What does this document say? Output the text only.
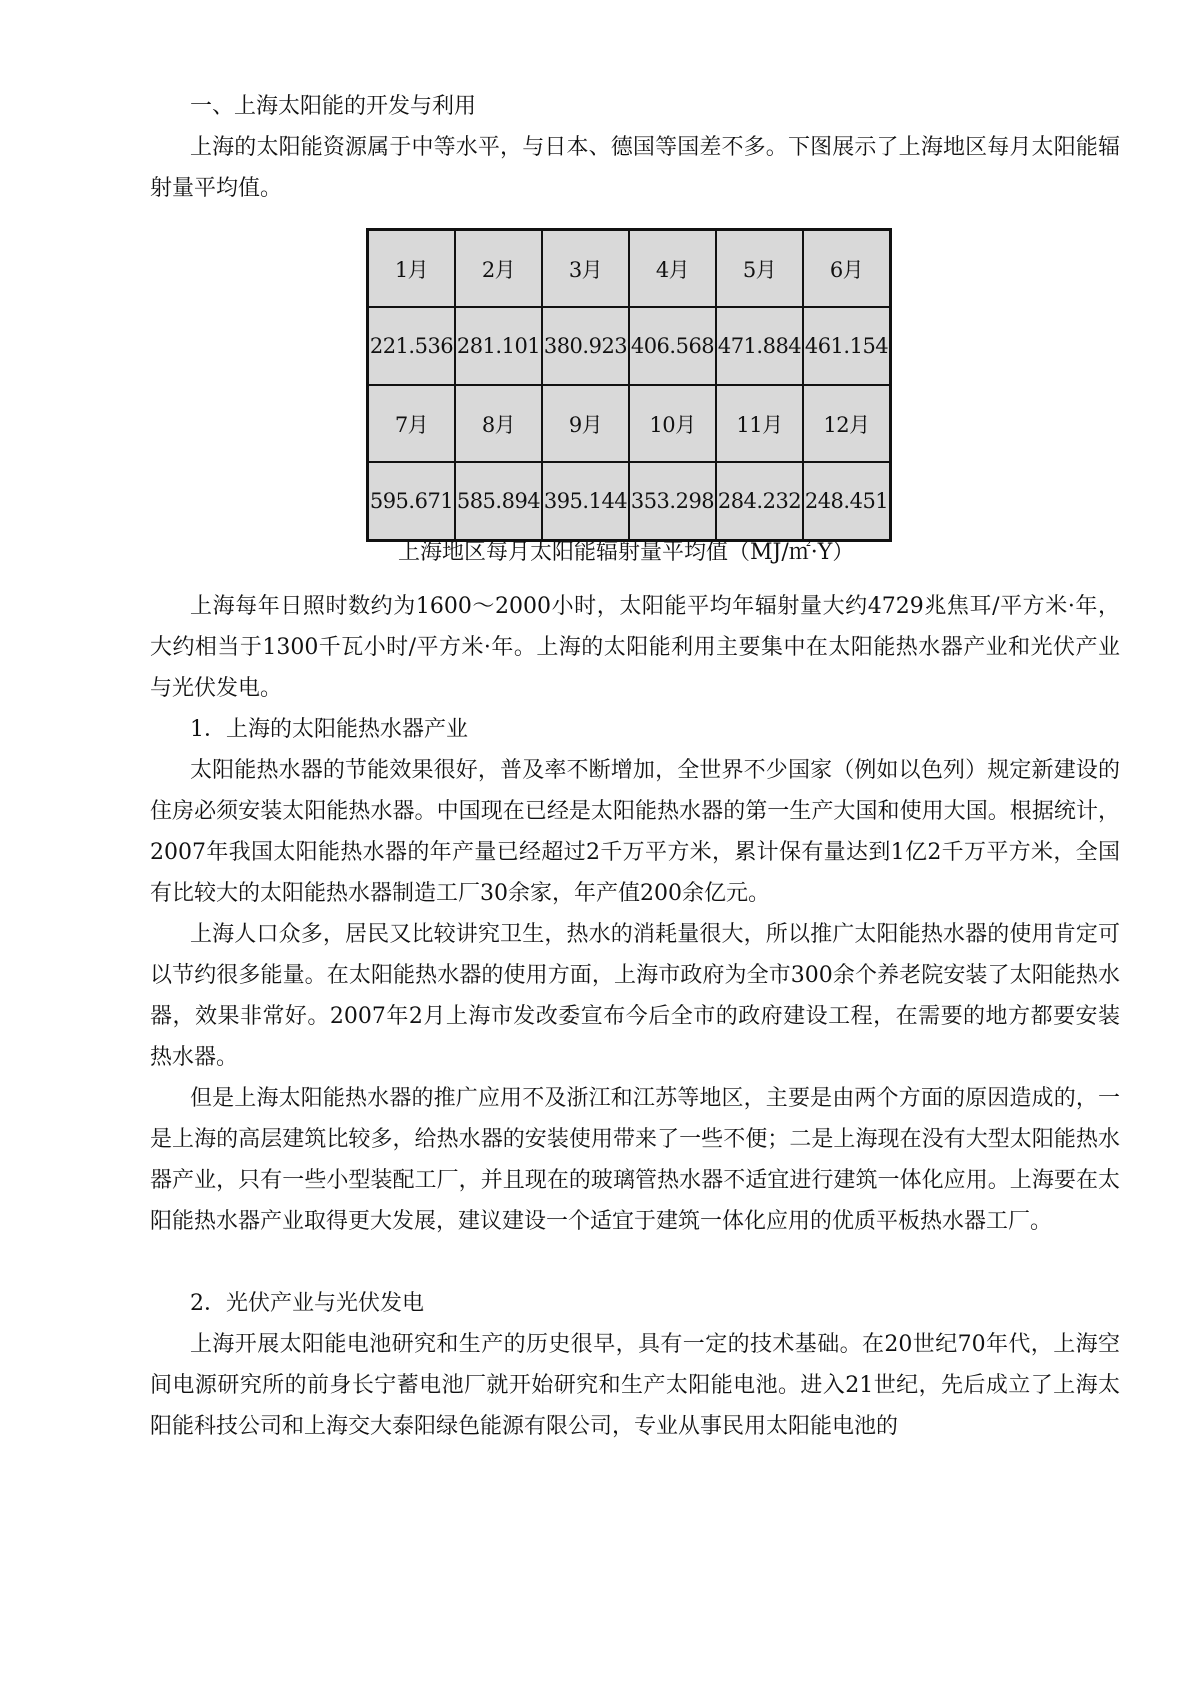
一、上海太阳能的开发与利用

上海的太阳能资源属于中等水平，与日本、德国等国差不多。下图展示了上海地区每月太阳能辐射量平均值。

1月	2月	3月	4月	5月	6月
221.536	281.101	380.923	406.568	471.884	461.154
7月	8月	9月	10月	11月	12月
595.671	585.894	395.144	353.298	284.232	248.451
上海地区每月太阳能辐射量平均值（MJ/㎡·Y）

上海每年日照时数约为1600～2000小时，太阳能平均年辐射量大约4729兆焦耳/平方米·年，大约相当于1300千瓦小时/平方米·年。上海的太阳能利用主要集中在太阳能热水器产业和光伏产业与光伏发电。

1．上海的太阳能热水器产业

太阳能热水器的节能效果很好，普及率不断增加，全世界不少国家（例如以色列）规定新建设的住房必须安装太阳能热水器。中国现在已经是太阳能热水器的第一生产大国和使用大国。根据统计，2007年我国太阳能热水器的年产量已经超过2千万平方米，累计保有量达到1亿2千万平方米，全国有比较大的太阳能热水器制造工厂30余家，年产值200余亿元。

上海人口众多，居民又比较讲究卫生，热水的消耗量很大，所以推广太阳能热水器的使用肯定可以节约很多能量。在太阳能热水器的使用方面，上海市政府为全市300余个养老院安装了太阳能热水器，效果非常好。2007年2月上海市发改委宣布今后全市的政府建设工程，在需要的地方都要安装热水器。

但是上海太阳能热水器的推广应用不及浙江和江苏等地区，主要是由两个方面的原因造成的，一是上海的高层建筑比较多，给热水器的安装使用带来了一些不便；二是上海现在没有大型太阳能热水器产业，只有一些小型装配工厂，并且现在的玻璃管热水器不适宜进行建筑一体化应用。上海要在太阳能热水器产业取得更大发展，建议建设一个适宜于建筑一体化应用的优质平板热水器工厂。

2．光伏产业与光伏发电

上海开展太阳能电池研究和生产的历史很早，具有一定的技术基础。在20世纪70年代，上海空间电源研究所的前身长宁蓄电池厂就开始研究和生产太阳能电池。进入21世纪，先后成立了上海太阳能科技公司和上海交大泰阳绿色能源有限公司，专业从事民用太阳能电池的
